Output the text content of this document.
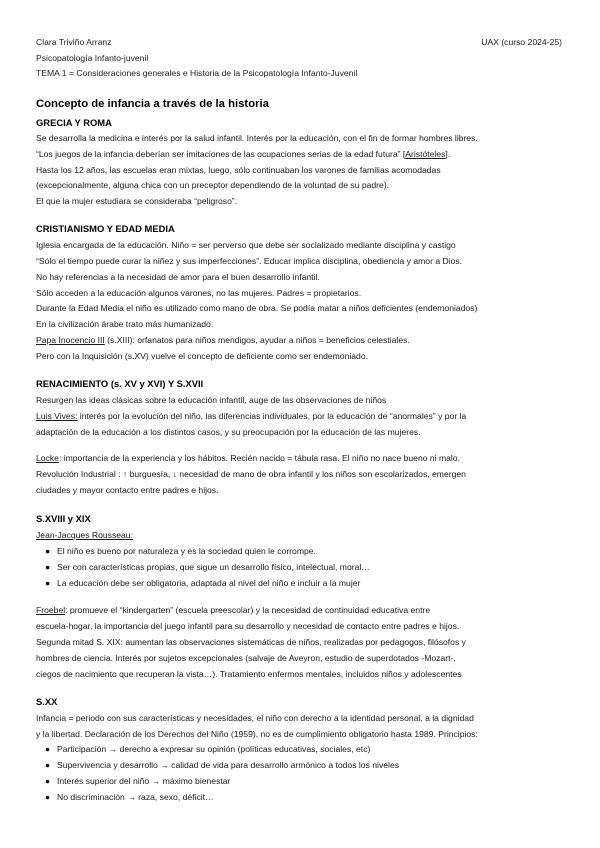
Clara Triviño Arranz	UAX (curso 2024-25)
Psicopatología Infanto-juvenil
TEMA 1 = Consideraciones generales e Historia de la Psicopatología Infanto-Juvenil
Concepto de infancia a través de la historia
GRECIA Y ROMA
Se desarrolla la medicina e interés por la salud infantil. Interés por la educación, con el fin de formar hombres libres.
“Los juegos de la infancia deberían ser imitaciones de las ocupaciones serias de la edad futura” [Aristóteles].
Hasta los 12 años, las escuelas eran mixtas, luego, sólo continuaban los varones de familias acomodadas
(excepcionalmente, alguna chica con un preceptor dependiendo de la voluntad de su padre).
El que la mujer estudiara se consideraba “peligroso”.
CRISTIANISMO Y EDAD MEDIA
Iglesia encargada de la educación. Niño = ser perverso que debe ser socializado mediante disciplina y castigo
“Sólo el tiempo puede curar la niñez y sus imperfecciones”. Educar implica disciplina, obediencia y amor a Dios.
No hay referencias a la necesidad de amor para el buen desarrollo infantil.
Sólo acceden a la educación algunos varones, no las mujeres. Padres = propietarios.
Durante la Edad Media el niño es utilizado como mano de obra. Se podía matar a niños deficientes (endemoniados)
En la civilización árabe trato más humanizado.
Papa Inocencio III (s.XIII): orfanatos para niños mendigos, ayudar a niños = beneficios celestiales.
Pero con la Inquisición (s.XV) vuelve el concepto de deficiente como ser endemoniado.
RENACIMIENTO (s. XV y XVI) Y S.XVII
Resurgen las ideas clásicas sobre la educación infantil, auge de las observaciones de niños
Luis Vives: interés por la evolución del niño, las diferencias individuales, por la educación de “anormales” y por la
adaptación de la educación a los distintos casos, y su preocupación por la educación de las mujeres.
Locke: importancia de la experiencia y los hábitos. Recién nacido = tábula rasa. El niño no nace bueno ni malo.
Revolución Industrial : ↑ burguesía, ↓ necesidad de mano de obra infantil y los niños son escolarizados, emergen
ciudades y mayor contacto entre padres e hijos.
S.XVIII y XIX
Jean-Jacques Rousseau:
● El niño es bueno por naturaleza y es la sociedad quien le corrompe.
● Ser con características propias, que sigue un desarrollo físico, intelectual, moral…
● La educación debe ser obligatoria, adaptada al nivel del niño e incluir a la mujer
Froebel: promueve el “kindergarten” (escuela preescolar) y la necesidad de continuidad educativa entre
escuela-hogar, la importancia del juego infantil para su desarrollo y necesidad de contacto entre padres e hijos.
Segunda mitad S. XIX: aumentan las observaciones sistemáticas de niños, realizadas por pedagogos, filósofos y
hombres de ciencia. Interés por sujetos excepcionales (salvaje de Aveyron, estudio de superdotados -Mozart-,
ciegos de nacimiento que recuperan la vista…). Tratamiento enfermos mentales, incluidos niños y adolescentes
S.XX
Infancia = periodo con sus características y necesidades, el niño con derecho a la identidad personal, a la dignidad
y la libertad. Declaración de los Derechos del Niño (1959), no es de cumplimiento obligatorio hasta 1989. Principios:
● Participación → derecho a expresar su opinión (políticas educativas, sociales, etc)
● Supervivencia y desarrollo → calidad de vida para desarrollo armónico a todos los niveles
● Interés superior del niño → máximo bienestar
● No discriminación → raza, sexo, déficit…
